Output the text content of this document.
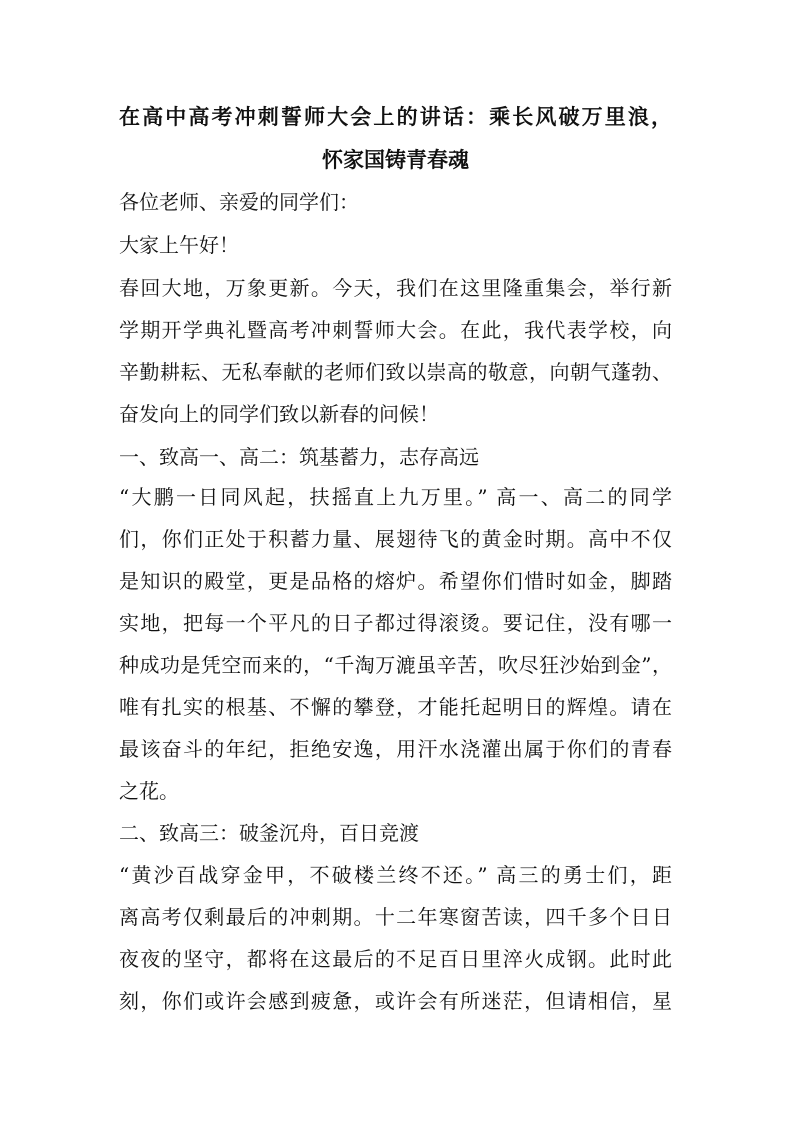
在高中高考冲刺誓师大会上的讲话：乘长风破万里浪，
怀家国铸青春魂
各位老师、亲爱的同学们：
大家上午好！
春回大地，万象更新。今天，我们在这里隆重集会，举行新
学期开学典礼暨高考冲刺誓师大会。在此，我代表学校，向
辛勤耕耘、无私奉献的老师们致以崇高的敬意，向朝气蓬勃、
奋发向上的同学们致以新春的问候！
一、致高一、高二：筑基蓄力，志存高远
“大鹏一日同风起，扶摇直上九万里。” 高一、高二的同学
们，你们正处于积蓄力量、展翅待飞的黄金时期。高中不仅
是知识的殿堂，更是品格的熔炉。希望你们惜时如金，脚踏
实地，把每一个平凡的日子都过得滚烫。要记住，没有哪一
种成功是凭空而来的，“千淘万漉虽辛苦，吹尽狂沙始到金”，
唯有扎实的根基、不懈的攀登，才能托起明日的辉煌。请在
最该奋斗的年纪，拒绝安逸，用汗水浇灌出属于你们的青春
之花。
二、致高三：破釜沉舟，百日竞渡
“黄沙百战穿金甲，不破楼兰终不还。” 高三的勇士们，距
离高考仅剩最后的冲刺期。十二年寒窗苦读，四千多个日日
夜夜的坚守，都将在这最后的不足百日里淬火成钢。此时此
刻，你们或许会感到疲惫，或许会有所迷茫，但请相信，星
